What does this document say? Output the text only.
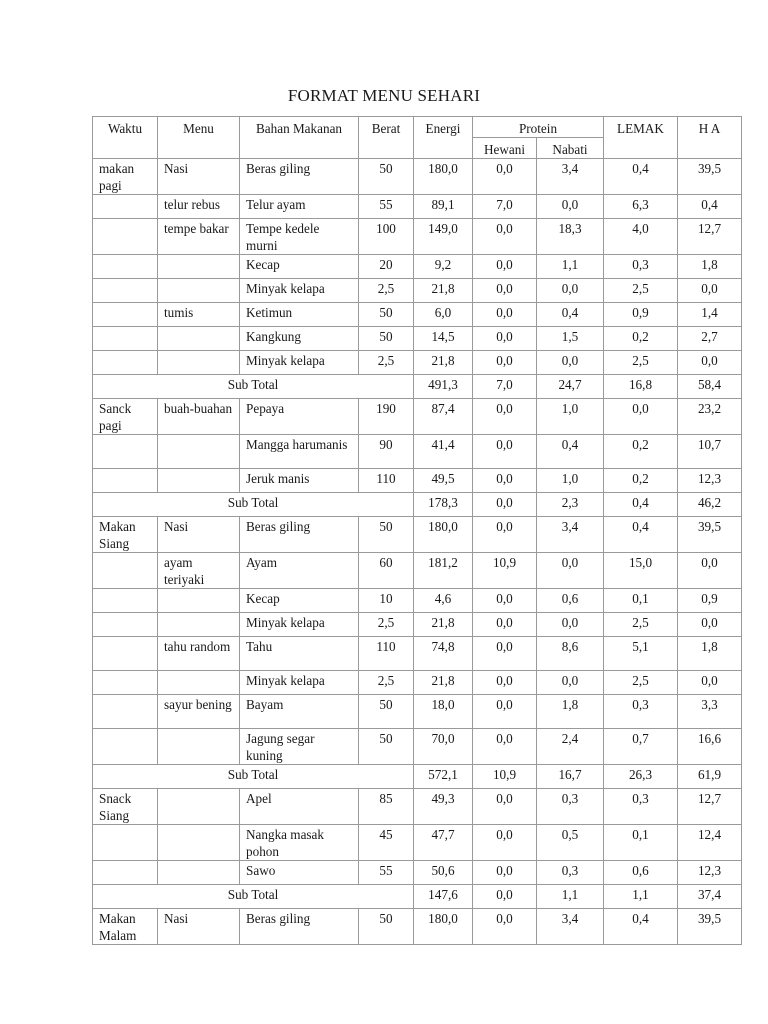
FORMAT MENU SEHARI
Waktu	Menu	Bahan Makanan	Berat	Energi	Protein		LEMAK	H A
					Hewani	Nabati		
makan pagi	Nasi	Beras giling	50	180,0	0,0	3,4	0,4	39,5
	telur rebus	Telur ayam	55	89,1	7,0	0,0	6,3	0,4
	tempe bakar	Tempe kedele murni	100	149,0	0,0	18,3	4,0	12,7
		Kecap	20	9,2	0,0	1,1	0,3	1,8
		Minyak kelapa	2,5	21,8	0,0	0,0	2,5	0,0
	tumis	Ketimun	50	6,0	0,0	0,4	0,9	1,4
		Kangkung	50	14,5	0,0	1,5	0,2	2,7
		Minyak kelapa	2,5	21,8	0,0	0,0	2,5	0,0
Sub Total				491,3	7,0	24,7	16,8	58,4
Sanck pagi	buah-buahan	Pepaya	190	87,4	0,0	1,0	0,0	23,2
		Mangga harumanis	90	41,4	0,0	0,4	0,2	10,7
		Jeruk manis	110	49,5	0,0	1,0	0,2	12,3
Sub Total				178,3	0,0	2,3	0,4	46,2
Makan Siang	Nasi	Beras giling	50	180,0	0,0	3,4	0,4	39,5
	ayam teriyaki	Ayam	60	181,2	10,9	0,0	15,0	0,0
		Kecap	10	4,6	0,0	0,6	0,1	0,9
		Minyak kelapa	2,5	21,8	0,0	0,0	2,5	0,0
	tahu random	Tahu	110	74,8	0,0	8,6	5,1	1,8
		Minyak kelapa	2,5	21,8	0,0	0,0	2,5	0,0
	sayur bening	Bayam	50	18,0	0,0	1,8	0,3	3,3
		Jagung segar kuning	50	70,0	0,0	2,4	0,7	16,6
Sub Total				572,1	10,9	16,7	26,3	61,9
Snack Siang		Apel	85	49,3	0,0	0,3	0,3	12,7
		Nangka masak pohon	45	47,7	0,0	0,5	0,1	12,4
		Sawo	55	50,6	0,0	0,3	0,6	12,3
Sub Total				147,6	0,0	1,1	1,1	37,4
Makan Malam	Nasi	Beras giling	50	180,0	0,0	3,4	0,4	39,5
